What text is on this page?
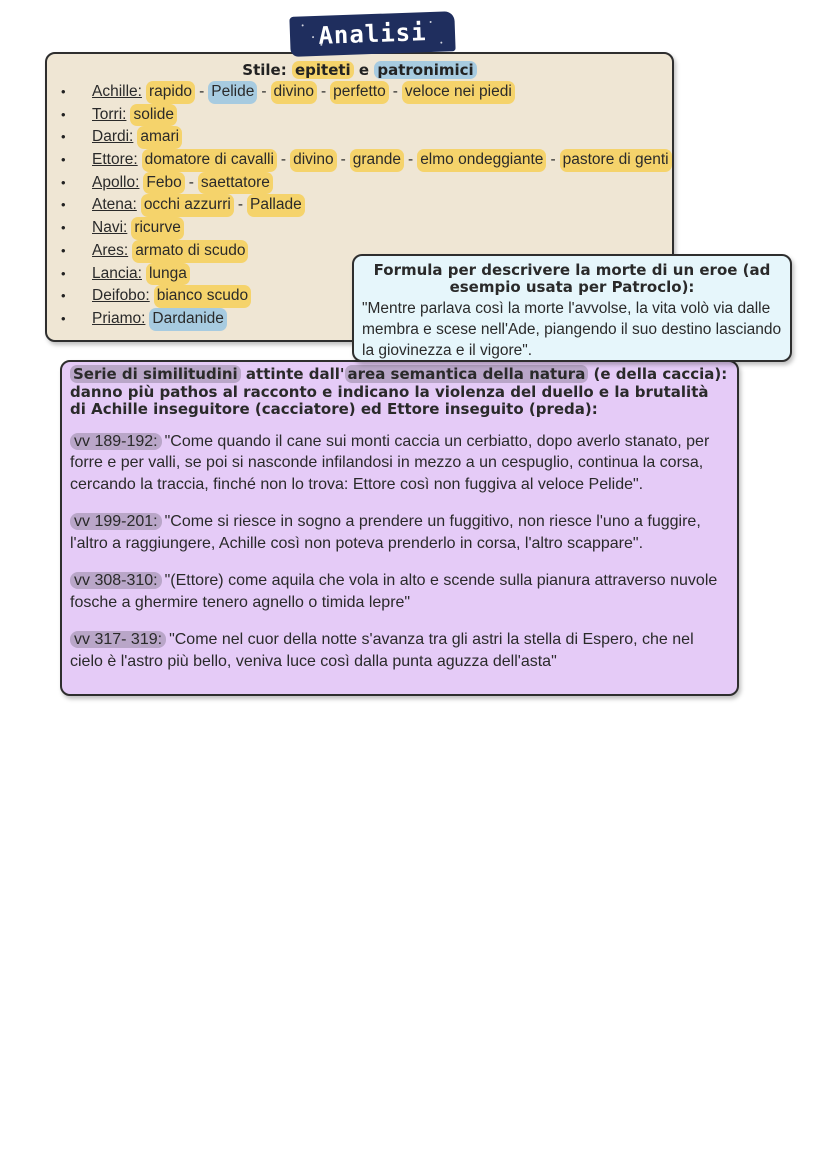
Analisi
Stile: epiteti e patronimici
•	Achille: rapido - Pelide - divino - perfetto - veloce nei piedi
•	Torri: solide
•	Dardi: amari
•	Ettore: domatore di cavalli - divino - grande - elmo ondeggiante - pastore di genti
•	Apollo: Febo - saettatore
•	Atena: occhi azzurri - Pallade
•	Navi: ricurve
•	Ares: armato di scudo
•	Lancia: lunga
•	Deifobo: bianco scudo
•	Priamo: Dardanide
Formula per descrivere la morte di un eroe (ad esempio usata per Patroclo):
"Mentre parlava così la morte l'avvolse, la vita volò via dalle membra e scese nell'Ade, piangendo il suo destino lasciando la giovinezza e il vigore".
Serie di similitudini attinte dall' area semantica della natura (e della caccia): danno più pathos al racconto e indicano la violenza del duello e la brutalità di Achille inseguitore (cacciatore) ed Ettore inseguito (preda):
vv 189-192: "Come quando il cane sui monti caccia un cerbiatto, dopo averlo stanato, per forre e per valli, se poi si nasconde infilandosi in mezzo a un cespuglio, continua la corsa, cercando la traccia, finché non lo trova: Ettore così non fuggiva al veloce Pelide".
vv 199-201: "Come si riesce in sogno a prendere un fuggitivo, non riesce l'uno a fuggire, l'altro a raggiungere, Achille così non poteva prenderlo in corsa, l'altro scappare".
vv 308-310: "(Ettore) come aquila che vola in alto e scende sulla pianura attraverso nuvole fosche a ghermire tenero agnello o timida lepre"
vv 317- 319: "Come nel cuor della notte s'avanza tra gli astri la stella di Espero, che nel cielo è l'astro più bello, veniva luce così dalla punta aguzza dell'asta"
